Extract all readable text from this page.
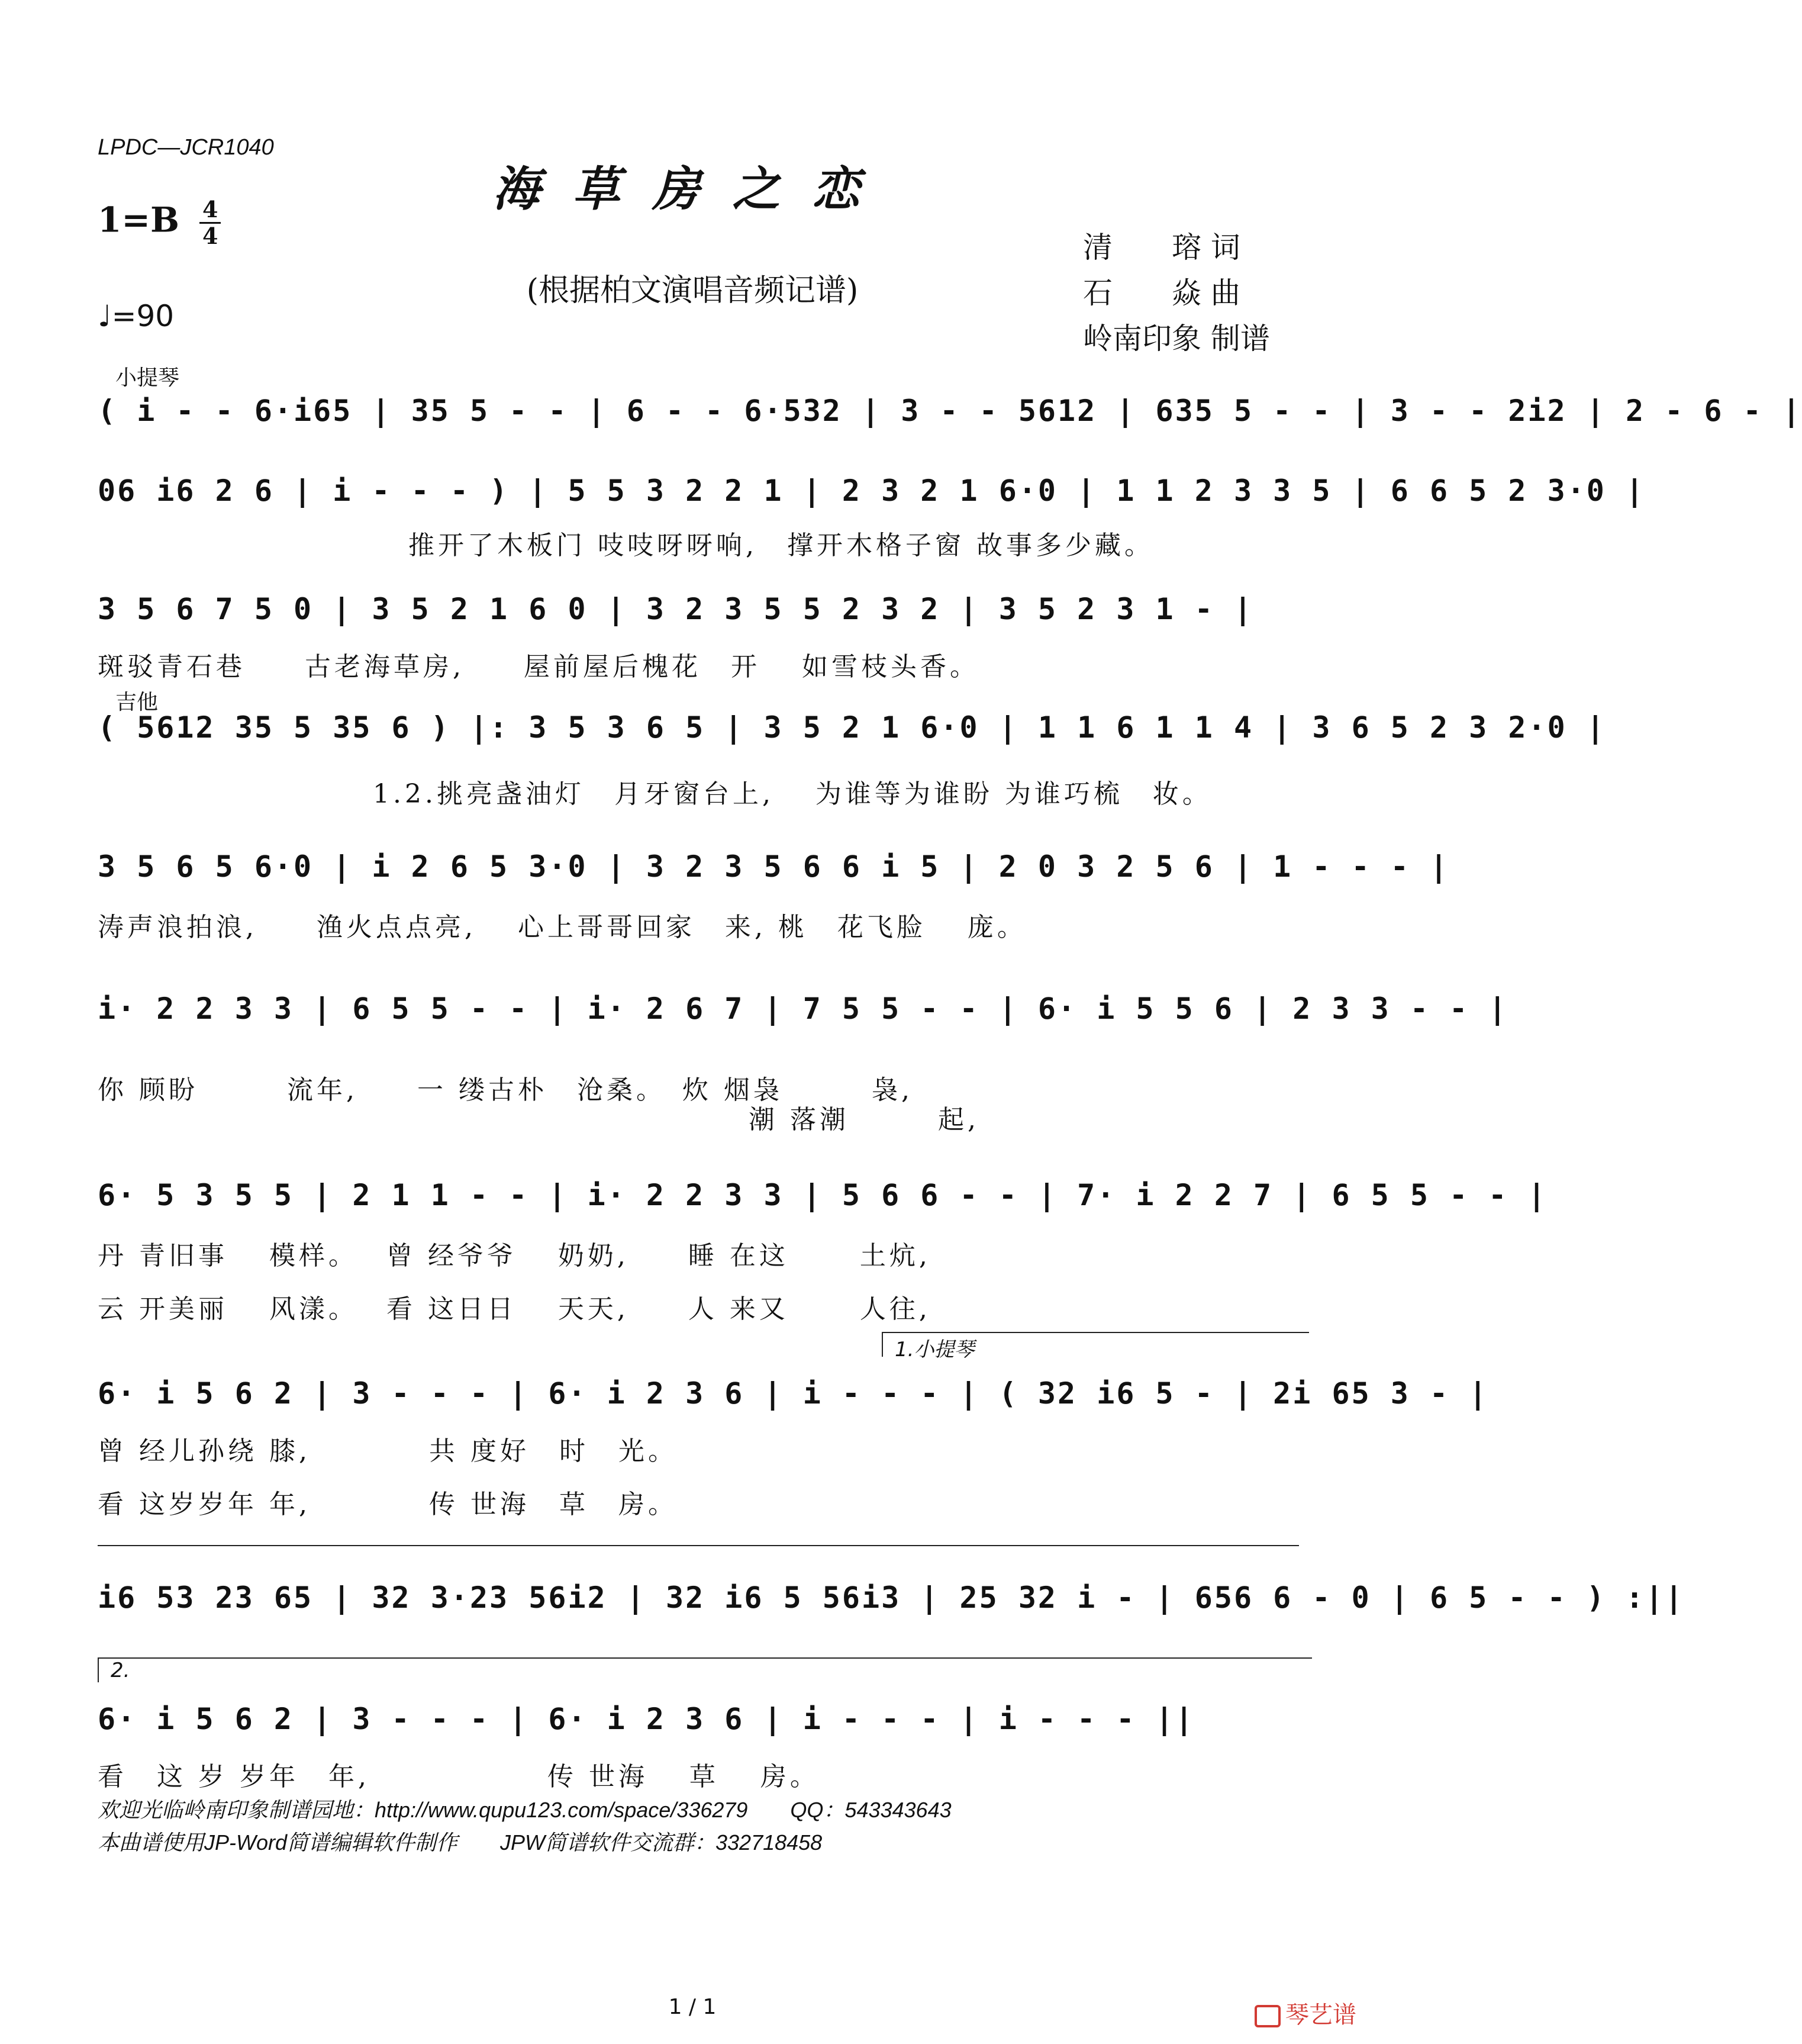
LPDC—JCR1040
海草房之恋
(根据柏文演唱音频记谱)
$1=B \frac{4}{4}$
♩=90
清　　瑢 词
石　　焱 曲
岭南印象 制谱
小提琴
吉他
( i - - 6·i65 | 35 5 - - | 6 - - 6·532 | 3 - - 5612 | 635 5 - - | 3 - - 2i2 | 2 - 6 - |
06 i6 2 6 | i - - - ) | 5 5 3 2 2 1 | 2 3 2 1 6·0 | 1 1 2 3 3 5 | 6 6 5 2 3·0 |
推开了木板门 吱吱呀呀响,　撑开木格子窗 故事多少藏。
3 5 6 7 5 0 | 3 5 2 1 6 0 | 3 2 3 5 5 2 3 2 | 3 5 2 3 1 - |
斑驳青石巷　　古老海草房,　　屋前屋后槐花　开　 如雪枝头香。
( 5612 35 5 35 6 ) |: 3 5 3 6 5 | 3 5 2 1 6·0 | 1 1 6 1 1 4 | 3 6 5 2 3 2·0 |
1.2.挑亮盏油灯　月牙窗台上,　 为谁等为谁盼 为谁巧梳　妆。
3 5 6 5 6·0 | i 2 6 5 3·0 | 3 2 3 5 6 6 i 5 | 2 0 3 2 5 6 | 1 - - - |
涛声浪拍浪,　　渔火点点亮,　 心上哥哥回家　来, 桃　花飞脸　 庞。
i· 2 2 3 3 | 6 5 5 - - | i· 2 6 7 | 7 5 5 - - | 6· i 5 5 6 | 2 3 3 - - |
你 顾盼　　　流年,　　一 缕古朴　沧桑。　炊 烟袅　　　袅,
　　　　　　　　　　　　　　　　　　　　　　潮 落潮　　　起,
6· 5 3 5 5 | 2 1 1 - - | i· 2 2 3 3 | 5 6 6 - - | 7· i 2 2 7 | 6 5 5 - - |
丹 青旧事　 模样。　 曾 经爷爷　 奶奶,　　睡 在这　　 土炕,
云 开美丽　 风漾。　 看 这日日　 天天,　　人 来又　　 人往,
1.小提琴
6· i 5 6 2 | 3 - - - | 6· i 2 3 6 | i - - - | ( 32 i6 5 - | 2i 65 3 - |
曾 经儿孙绕 膝,　　　　共 度好　时　光。
看 这岁岁年 年,　　　　传 世海　草　房。
i6 53 23 65 | 32 3·23 56i2 | 32 i6 5 56i3 | 25 32 i - | 656 6 - 0 | 6 5 - - ) :||
2.
6· i 5 6 2 | 3 - - - | 6· i 2 3 6 | i - - - | i - - - ||
看　这 岁 岁年　年,　　　　　　传 世海　 草　 房。
欢迎光临岭南印象制谱园地：http://www.qupu123.com/space/336279　　QQ：543343643
本曲谱使用JP-Word简谱编辑软件制作　　JPW简谱软件交流群：332718458
1 / 1	琴艺谱
